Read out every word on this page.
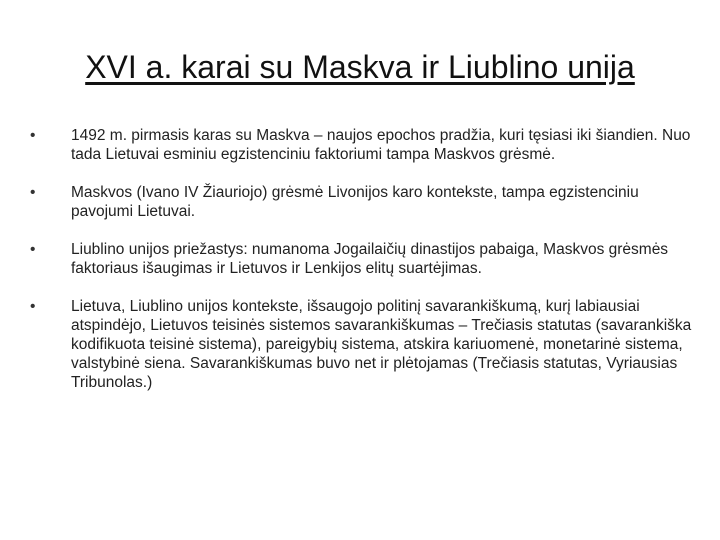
XVI a. karai su Maskva ir Liublino unija
•	1492 m. pirmasis karas su Maskva – naujos epochos pradžia, kuri tęsiasi iki šiandien. Nuo tada Lietuvai esminiu egzistenciniu faktoriumi tampa Maskvos grėsmė.
•	Maskvos (Ivano IV Žiauriojo) grėsmė Livonijos karo kontekste, tampa egzistenciniu pavojumi Lietuvai.
•	Liublino unijos priežastys: numanoma Jogailaičių dinastijos pabaiga, Maskvos grėsmės faktoriaus išaugimas ir Lietuvos ir Lenkijos elitų suartėjimas.
•	Lietuva, Liublino unijos kontekste, išsaugojo politinį savarankiškumą, kurį labiausiai atspindėjo, Lietuvos teisinės sistemos savarankiškumas – Trečiasis statutas (savarankiška kodifikuota teisinė sistema), pareigybių sistema, atskira kariuomenė, monetarinė sistema, valstybinė siena. Savarankiškumas buvo net ir plėtojamas (Trečiasis statutas, Vyriausias Tribunolas.)
